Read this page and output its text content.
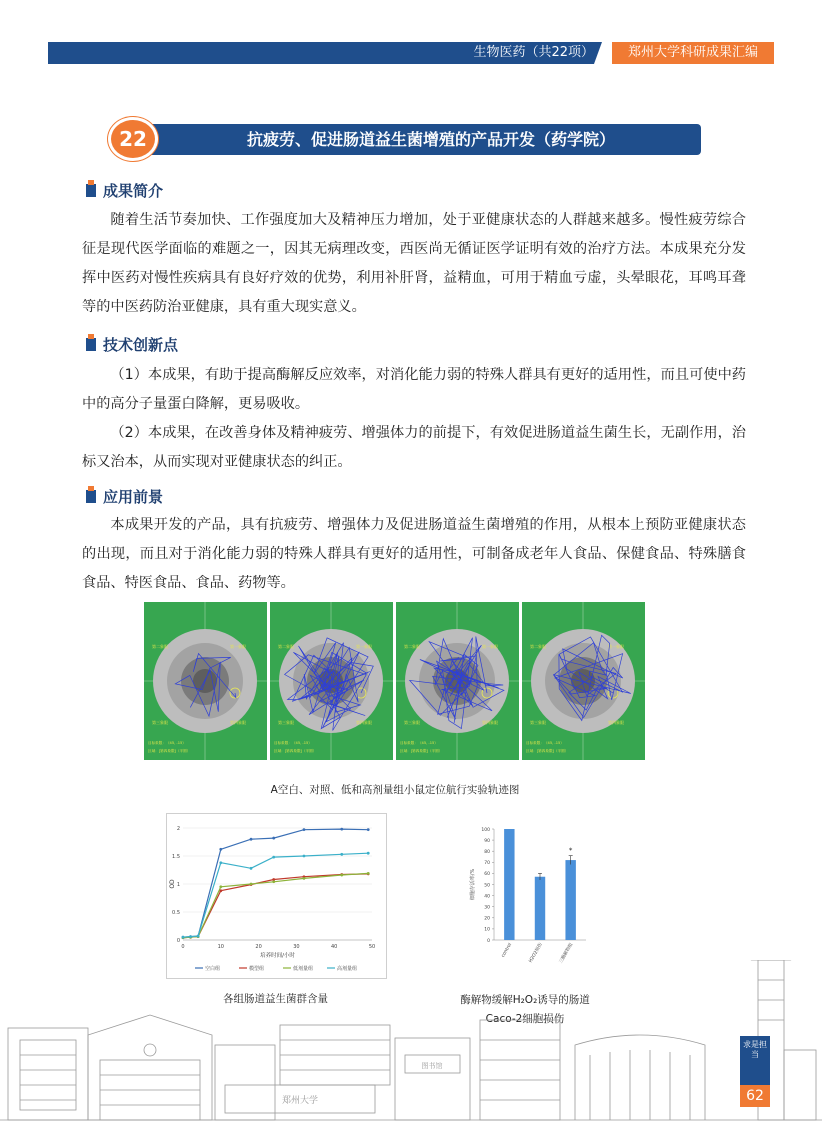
生物医药（共22项）	郑州大学科研成果汇编
抗疲劳、促进肠道益生菌增殖的产品开发（药学院）
22
成果简介

随着生活节奏加快、工作强度加大及精神压力增加，处于亚健康状态的人群越来越多。慢性疲劳综合征是现代医学面临的难题之一，因其无病理改变，西医尚无循证医学证明有效的治疗方法。本成果充分发挥中医药对慢性疾病具有良好疗效的优势，利用补肝肾，益精血，可用于精血亏虚，头晕眼花，耳鸣耳聋等的中医药防治亚健康，具有重大现实意义。

技术创新点

（1）本成果，有助于提高酶解反应效率，对消化能力弱的特殊人群具有更好的适用性，而且可使中药中的高分子量蛋白降解，更易吸收。

（2）本成果，在改善身体及精神疲劳、增强体力的前提下，有效促进肠道益生菌生长，无副作用，治标又治本，从而实现对亚健康状态的纠正。

应用前景

本成果开发的产品，具有抗疲劳、增强体力及促进肠道益生菌增殖的作用，从根本上预防亚健康状态的出现，而且对于消化能力弱的特殊人群具有更好的适用性，可制备成老年人食品、保健食品、特殊膳食食品、特医食品、食品、药物等。

第二象限	第一象限
第三象限	第四象限
目标象限：（45, -15）
区域：[第四象限]（半圆）
第二象限	第一象限
第三象限	第四象限
目标象限：（45, -15）
区域：[第四象限]（半圆）
第二象限	第一象限
第三象限	第四象限
目标象限：（45, -15）
区域：[第四象限]（半圆）
第二象限	第一象限
第三象限	第四象限
目标象限：（45, -15）
区域：[第四象限]（半圆）
A空白、对照、低和高剂量组小鼠定位航行实验轨迹图
0
0.5
1
1.5
2
0	10	20	30	40	50
培养时间/小时
OD
空白组	模型组	低剂量组	高剂量组
各组肠道益生菌群含量
0
10
20
30
40
50
60
70
80
90
100
细胞存活率/%
control	H2O2损伤
*
三酶解物组
酶解物缓解H₂O₂诱导的肠道
Caco-2细胞损伤
郑州大学
图书馆
求是担当
62
